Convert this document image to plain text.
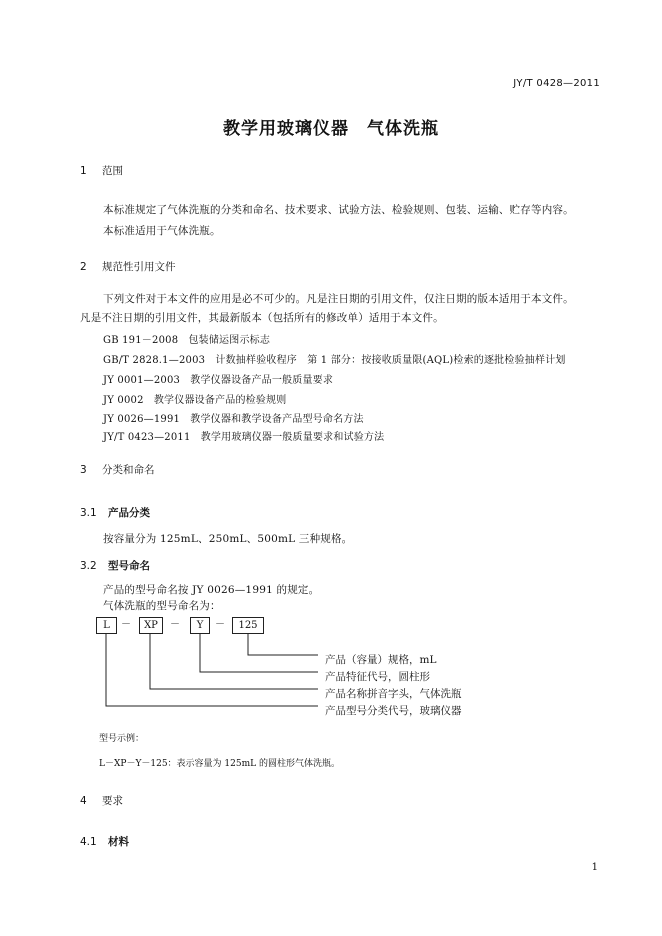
JY/T 0428—2011
教学用玻璃仪器　气体洗瓶
1 范围
本标准规定了气体洗瓶的分类和命名、技术要求、试验方法、检验规则、包装、运输、贮存等内容。
本标准适用于气体洗瓶。
2 规范性引用文件
下列文件对于本文件的应用是必不可少的。凡是注日期的引用文件，仅注日期的版本适用于本文件。
凡是不注日期的引用文件，其最新版本（包括所有的修改单）适用于本文件。
GB 191－2008　包装储运图示标志
GB/T 2828.1—2003　计数抽样验收程序　第 1 部分：按接收质量限(AQL)检索的逐批检验抽样计划
JY 0001—2003　教学仪器设备产品一般质量要求
JY 0002　教学仪器设备产品的检验规则
JY 0026—1991　教学仪器和教学设备产品型号命名方法
JY/T 0423—2011　教学用玻璃仪器一般质量要求和试验方法
3 分类和命名
3.1 产品分类
按容量分为 125mL、250mL、500mL 三种规格。
3.2 型号命名
产品的型号命名按 JY 0026—1991 的规定。
气体洗瓶的型号命名为：
L	－	XP	－	Y	－	125
产品（容量）规格，mL
产品特征代号，圆柱形
产品名称拼音字头，气体洗瓶
产品型号分类代号，玻璃仪器
型号示例：
L－XP－Y－125：表示容量为 125mL 的圆柱形气体洗瓶。
4 要求
4.1 材料
1
